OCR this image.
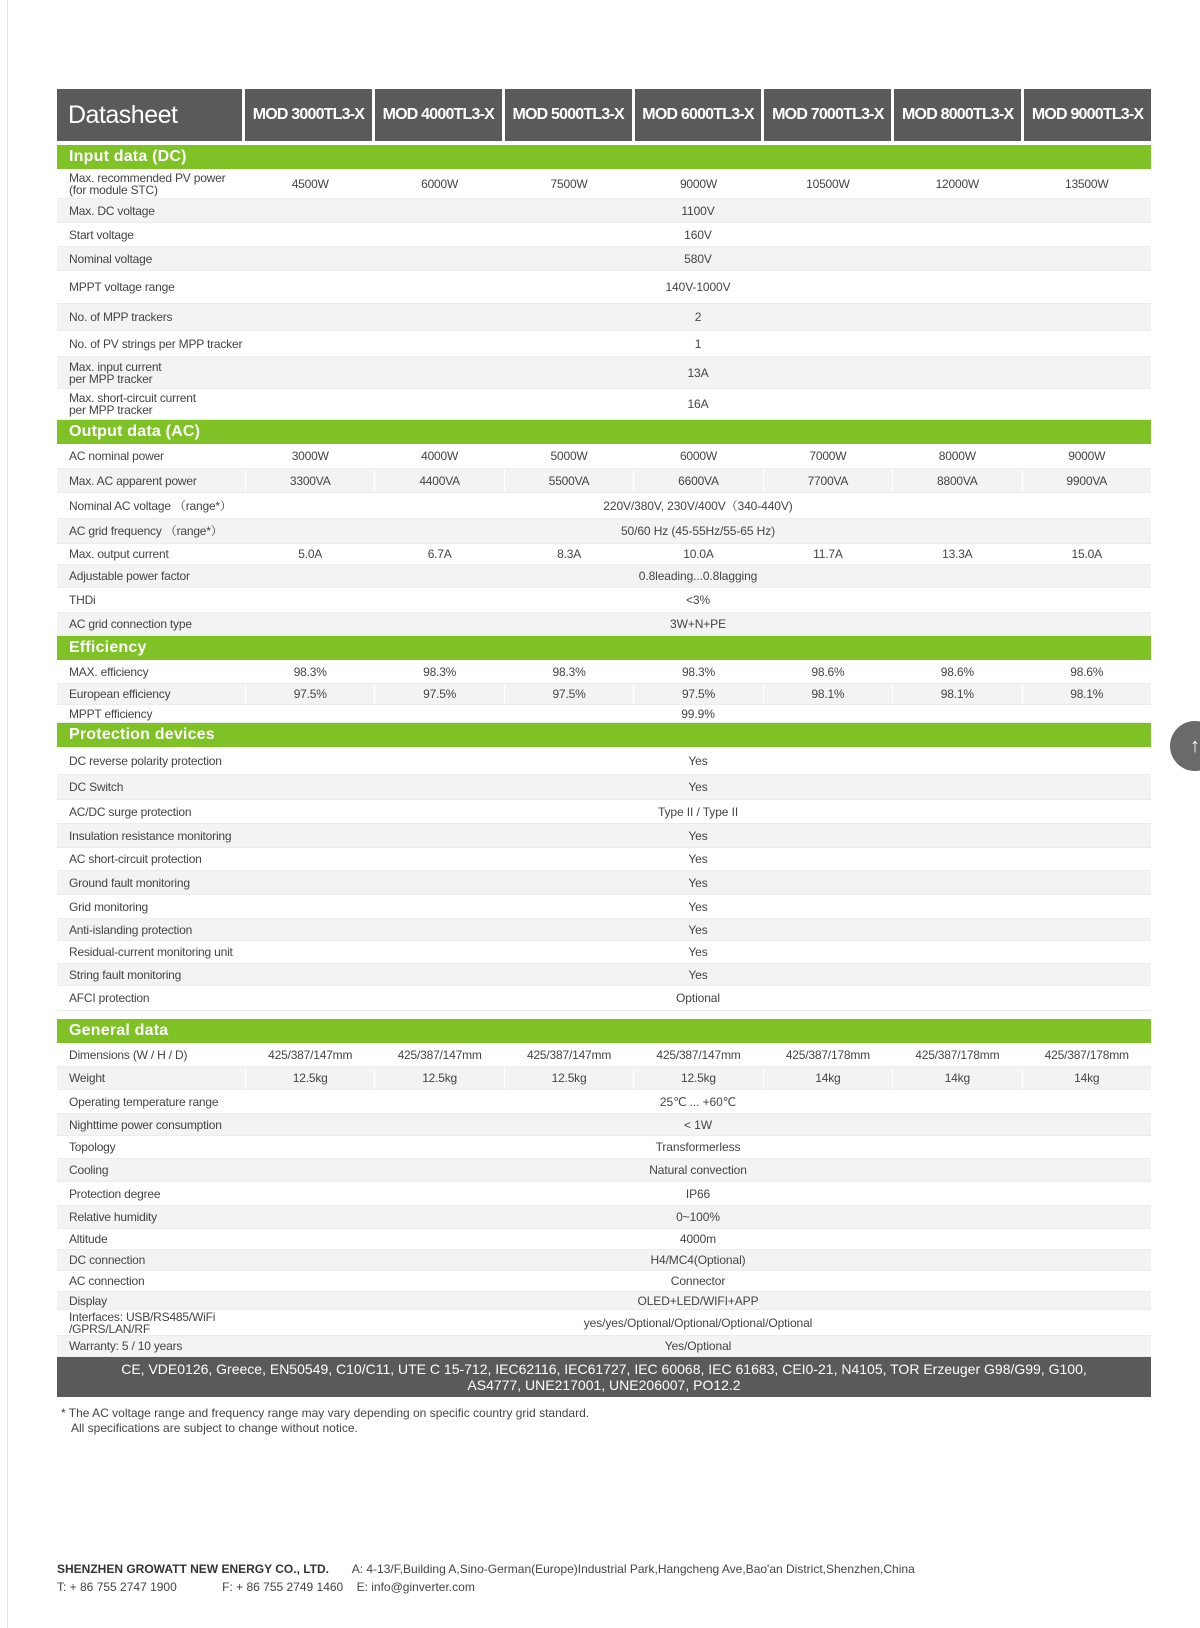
Datasheet	MOD 3000TL3-X	MOD 4000TL3-X	MOD 5000TL3-X	MOD 6000TL3-X	MOD 7000TL3-X	MOD 8000TL3-X	MOD 9000TL3-X
Input data (DC)
Max. recommended PV power
(for module STC)	4500W	6000W	7500W	9000W	10500W	12000W	13500W
Max. DC voltage	1100V
Start voltage	160V
Nominal voltage	580V
MPPT voltage range	140V-1000V
No. of MPP trackers	2
No. of PV strings per MPP tracker	1
Max. input current
per MPP tracker	13A
Max. short-circuit current
per MPP tracker	16A
Output data (AC)
AC nominal power	3000W	4000W	5000W	6000W	7000W	8000W	9000W
Max. AC apparent power	3300VA	4400VA	5500VA	6600VA	7700VA	8800VA	9900VA
Nominal AC voltage （range*）	220V/380V, 230V/400V（340-440V)
AC grid frequency （range*）	50/60 Hz (45-55Hz/55-65 Hz)
Max. output current	5.0A	6.7A	8.3A	10.0A	11.7A	13.3A	15.0A
Adjustable power factor	0.8leading...0.8lagging
THDi	<3%
AC grid connection type	3W+N+PE
Efficiency
MAX. efficiency	98.3%	98.3%	98.3%	98.3%	98.6%	98.6%	98.6%
European efficiency	97.5%	97.5%	97.5%	97.5%	98.1%	98.1%	98.1%
MPPT efficiency	99.9%
Protection devices
DC reverse polarity protection	Yes
DC Switch	Yes
AC/DC surge protection	Type II / Type II
Insulation resistance monitoring	Yes
AC short-circuit protection	Yes
Ground fault monitoring	Yes
Grid monitoring	Yes
Anti-islanding protection	Yes
Residual-current monitoring unit	Yes
String fault monitoring	Yes
AFCI protection	Optional
General data
Dimensions (W / H / D)	425/387/147mm	425/387/147mm	425/387/147mm	425/387/147mm	425/387/178mm	425/387/178mm	425/387/178mm
Weight	12.5kg	12.5kg	12.5kg	12.5kg	14kg	14kg	14kg
Operating temperature range	25℃ ... +60℃
Nighttime power consumption	< 1W
Topology	Transformerless
Cooling	Natural convection
Protection degree	IP66
Relative humidity	0~100%
Altitude	4000m
DC connection	H4/MC4(Optional)
AC connection	Connector
Display	OLED+LED/WIFI+APP
Interfaces: USB/RS485/WiFi
/GPRS/LAN/RF	yes/yes/Optional/Optional/Optional/Optional
Warranty: 5 / 10 years	Yes/Optional
CE, VDE0126, Greece, EN50549, C10/C11, UTE C 15-712, IEC62116, IEC61727, IEC 60068, IEC 61683, CEI0-21, N4105, TOR Erzeuger G98/G99, G100, AS4777, UNE217001, UNE206007, PO12.2
* The AC voltage range and frequency range may vary depending on specific country grid standard.
All specifications are subject to change without notice.
SHENZHEN GROWATT NEW ENERGY CO., LTD. A: 4-13/F,Building A,Sino-German(Europe)Industrial Park,Hangcheng Ave,Bao'an District,Shenzhen,China
T: + 86 755 2747 1900	F: + 86 755 2749 1460 E: info@ginverter.com
↑
